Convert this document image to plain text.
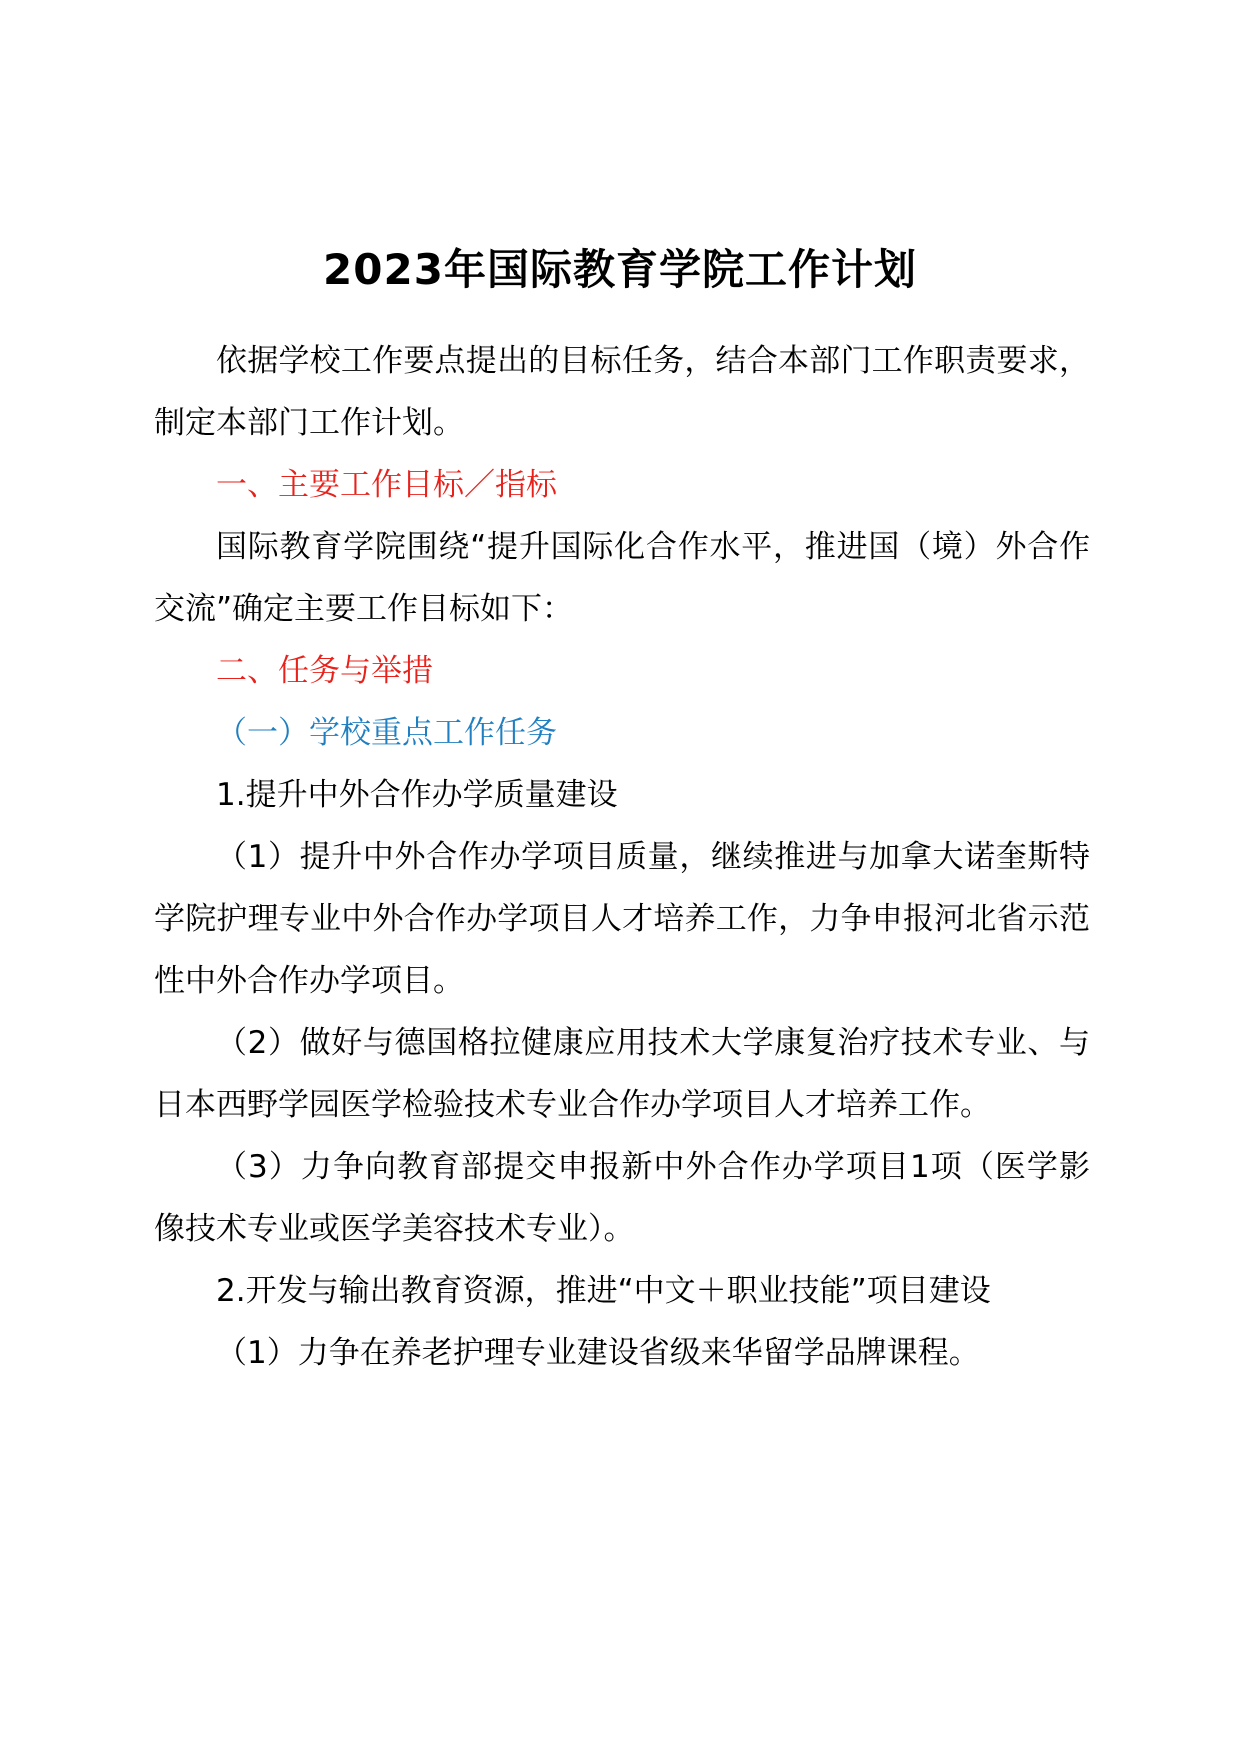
2023年国际教育学院工作计划

依据学校工作要点提出的目标任务，结合本部门工作职责要求，制定本部门工作计划。

一、主要工作目标／指标

国际教育学院围绕“提升国际化合作水平，推进国（境）外合作交流”确定主要工作目标如下：

二、任务与举措

（一）学校重点工作任务

1.提升中外合作办学质量建设

（1）提升中外合作办学项目质量，继续推进与加拿大诺奎斯特学院护理专业中外合作办学项目人才培养工作，力争申报河北省示范性中外合作办学项目。

（2）做好与德国格拉健康应用技术大学康复治疗技术专业、与日本西野学园医学检验技术专业合作办学项目人才培养工作。

（3）力争向教育部提交申报新中外合作办学项目1项（医学影像技术专业或医学美容技术专业）。

2.开发与输出教育资源，推进“中文＋职业技能”项目建设

（1）力争在养老护理专业建设省级来华留学品牌课程。
